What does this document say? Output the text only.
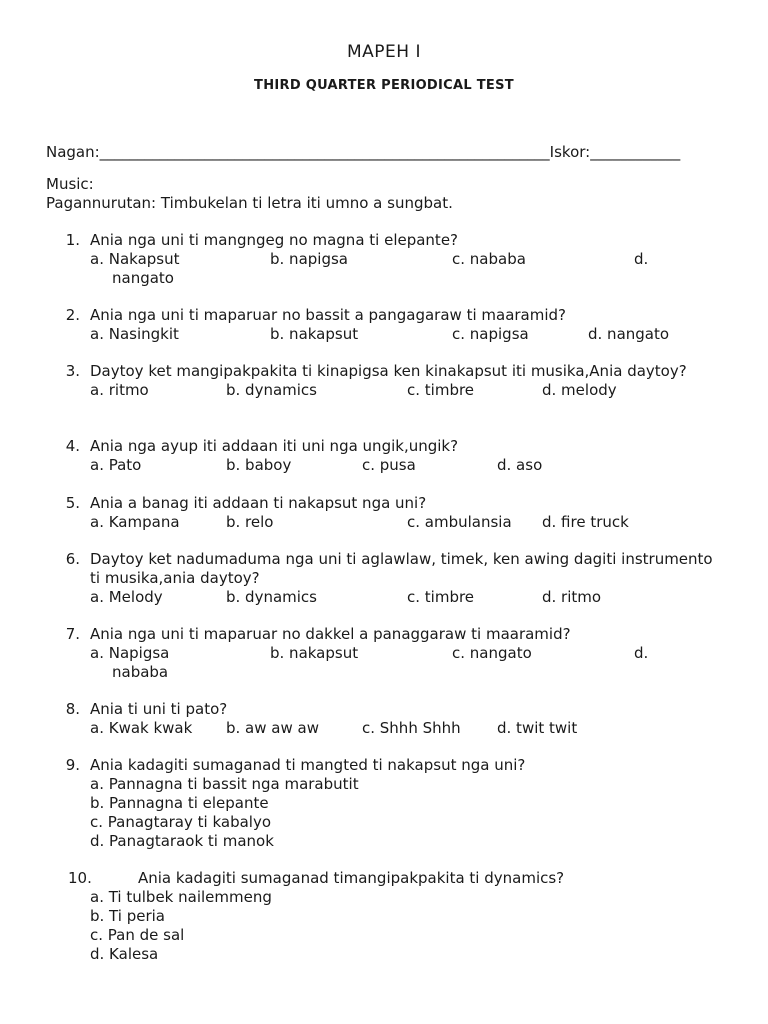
MAPEH I
THIRD QUARTER PERIODICAL TEST
Nagan:____________________________________________________________Iskor:____________
Music:
Pagannurutan: Timbukelan ti letra iti umno a sungbat.
1. Ania nga uni ti mangngeg no magna ti elepante?
a. Nakapsut	b. napigsa	c. nababa	d.
nangato
2. Ania nga uni ti maparuar no bassit a pangagaraw ti maaramid?
a. Nasingkit	b. nakapsut	c. napigsa	d. nangato
3. Daytoy ket mangipakpakita ti kinapigsa ken kinakapsut iti musika,Ania daytoy?
a. ritmo	b. dynamics	c. timbre	d. melody
4. Ania nga ayup iti addaan iti uni nga ungik,ungik?
a. Pato	b. baboy	c. pusa	d. aso
5. Ania a banag iti addaan ti nakapsut nga uni?
a. Kampana	b. relo	c. ambulansia d. fire truck
6. Daytoy ket nadumaduma nga uni ti aglawlaw, timek, ken awing dagiti instrumento ti musika,ania daytoy?
a. Melody	b. dynamics	c. timbre	d. ritmo
7. Ania nga uni ti maparuar no dakkel a panaggaraw ti maaramid?
a. Napigsa	b. nakapsut	c. nangato	d.
nababa
8. Ania ti uni ti pato?
a. Kwak kwak b. aw aw aw	c. Shhh Shhh d. twit twit
9. Ania kadagiti sumaganad ti mangted ti nakapsut nga uni?
a. Pannagna ti bassit nga marabutit
b. Pannagna ti elepante
c. Panagtaray ti kabalyo
d. Panagtaraok ti manok
10.	Ania kadagiti sumaganad timangipakpakita ti dynamics?
a. Ti tulbek nailemmeng
b. Ti peria
c. Pan de sal
d. Kalesa
